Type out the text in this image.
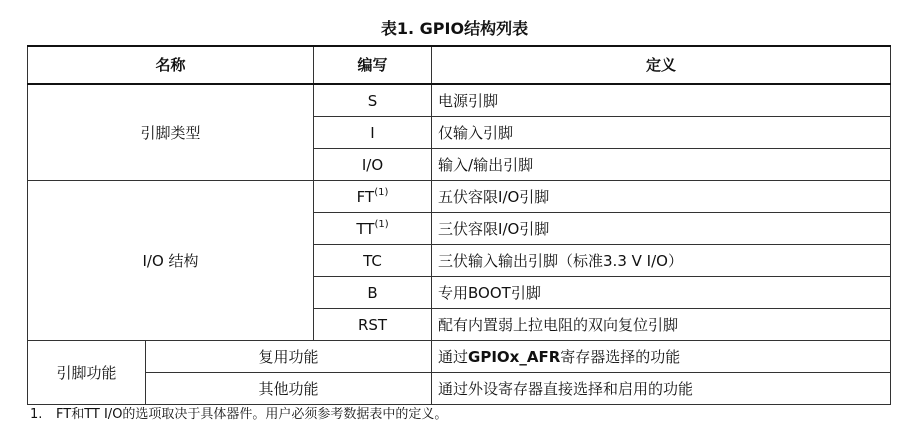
表1. GPIO结构列表
名称		编写	定义
引脚类型		S	电源引脚
		I	仅输入引脚
		I/O	输入/输出引脚
I/O 结构		FT$^{(1)}$	五伏容限I/O引脚
		TT$^{(1)}$	三伏容限I/O引脚
		TC	三伏输入输出引脚（标准3.3 V I/O）
		B	专用BOOT引脚
		RST	配有内置弱上拉电阻的双向复位引脚
引脚功能	复用功能		通过GPIOx_AFR寄存器选择的功能
	其他功能		通过外设寄存器直接选择和启用的功能
1. FT和TT I/O的选项取决于具体器件。用户必须参考数据表中的定义。
